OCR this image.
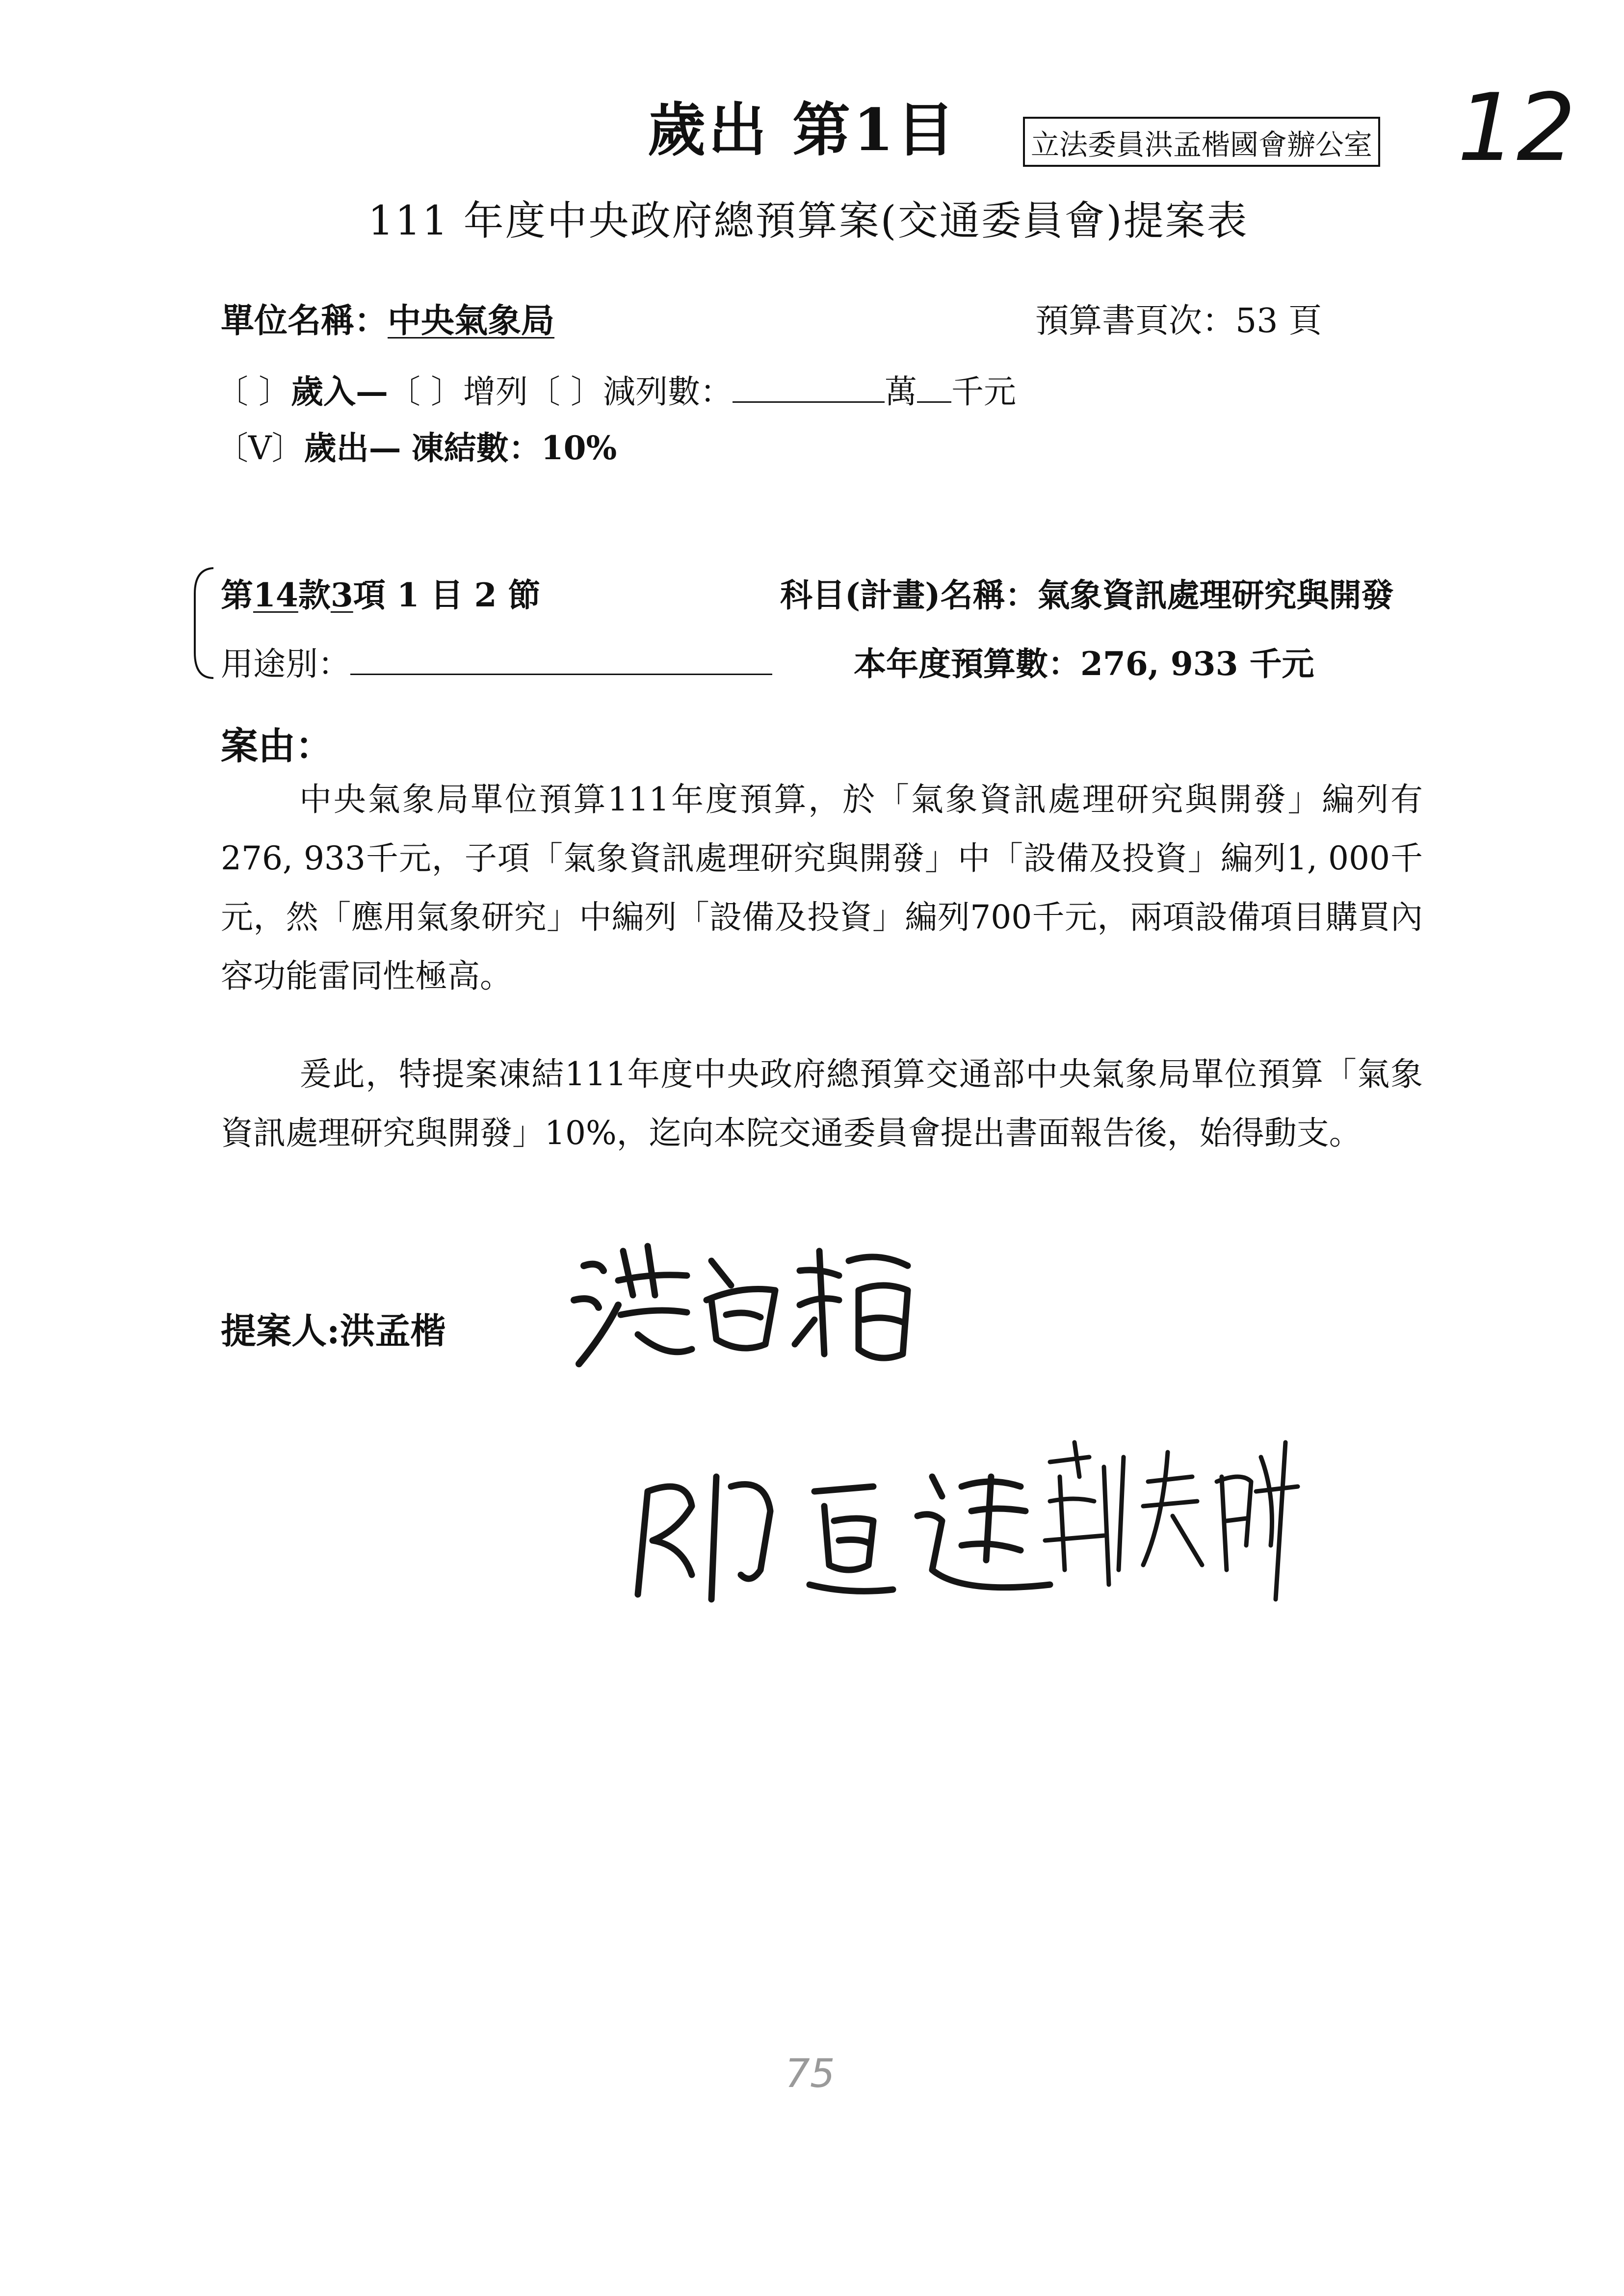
歲出 第1目	立法委員洪孟楷國會辦公室 12
111 年度中央政府總預算案(交通委員會)提案表
單位名稱：中央氣象局	預算書頁次：53 頁
〔 〕歲入—〔 〕增列〔 〕減列數：	萬 千元
〔V〕歲出— 凍結數：10%
第14款3項 1 目 2 節	科目(計畫)名稱：氣象資訊處理研究與開發
用途別：	本年度預算數：276, 933 千元
案由：
中央氣象局單位預算111年度預算，於「氣象資訊處理研究與開發」編列有276, 933千元，子項「氣象資訊處理研究與開發」中「設備及投資」編列1, 000千元，然「應用氣象研究」中編列「設備及投資」編列700千元，兩項設備項目購買內容功能雷同性極高。
爰此，特提案凍結111年度中央政府總預算交通部中央氣象局單位預算「氣象資訊處理研究與開發」10%，迄向本院交通委員會提出書面報告後，始得動支。
提案人:洪孟楷
75
